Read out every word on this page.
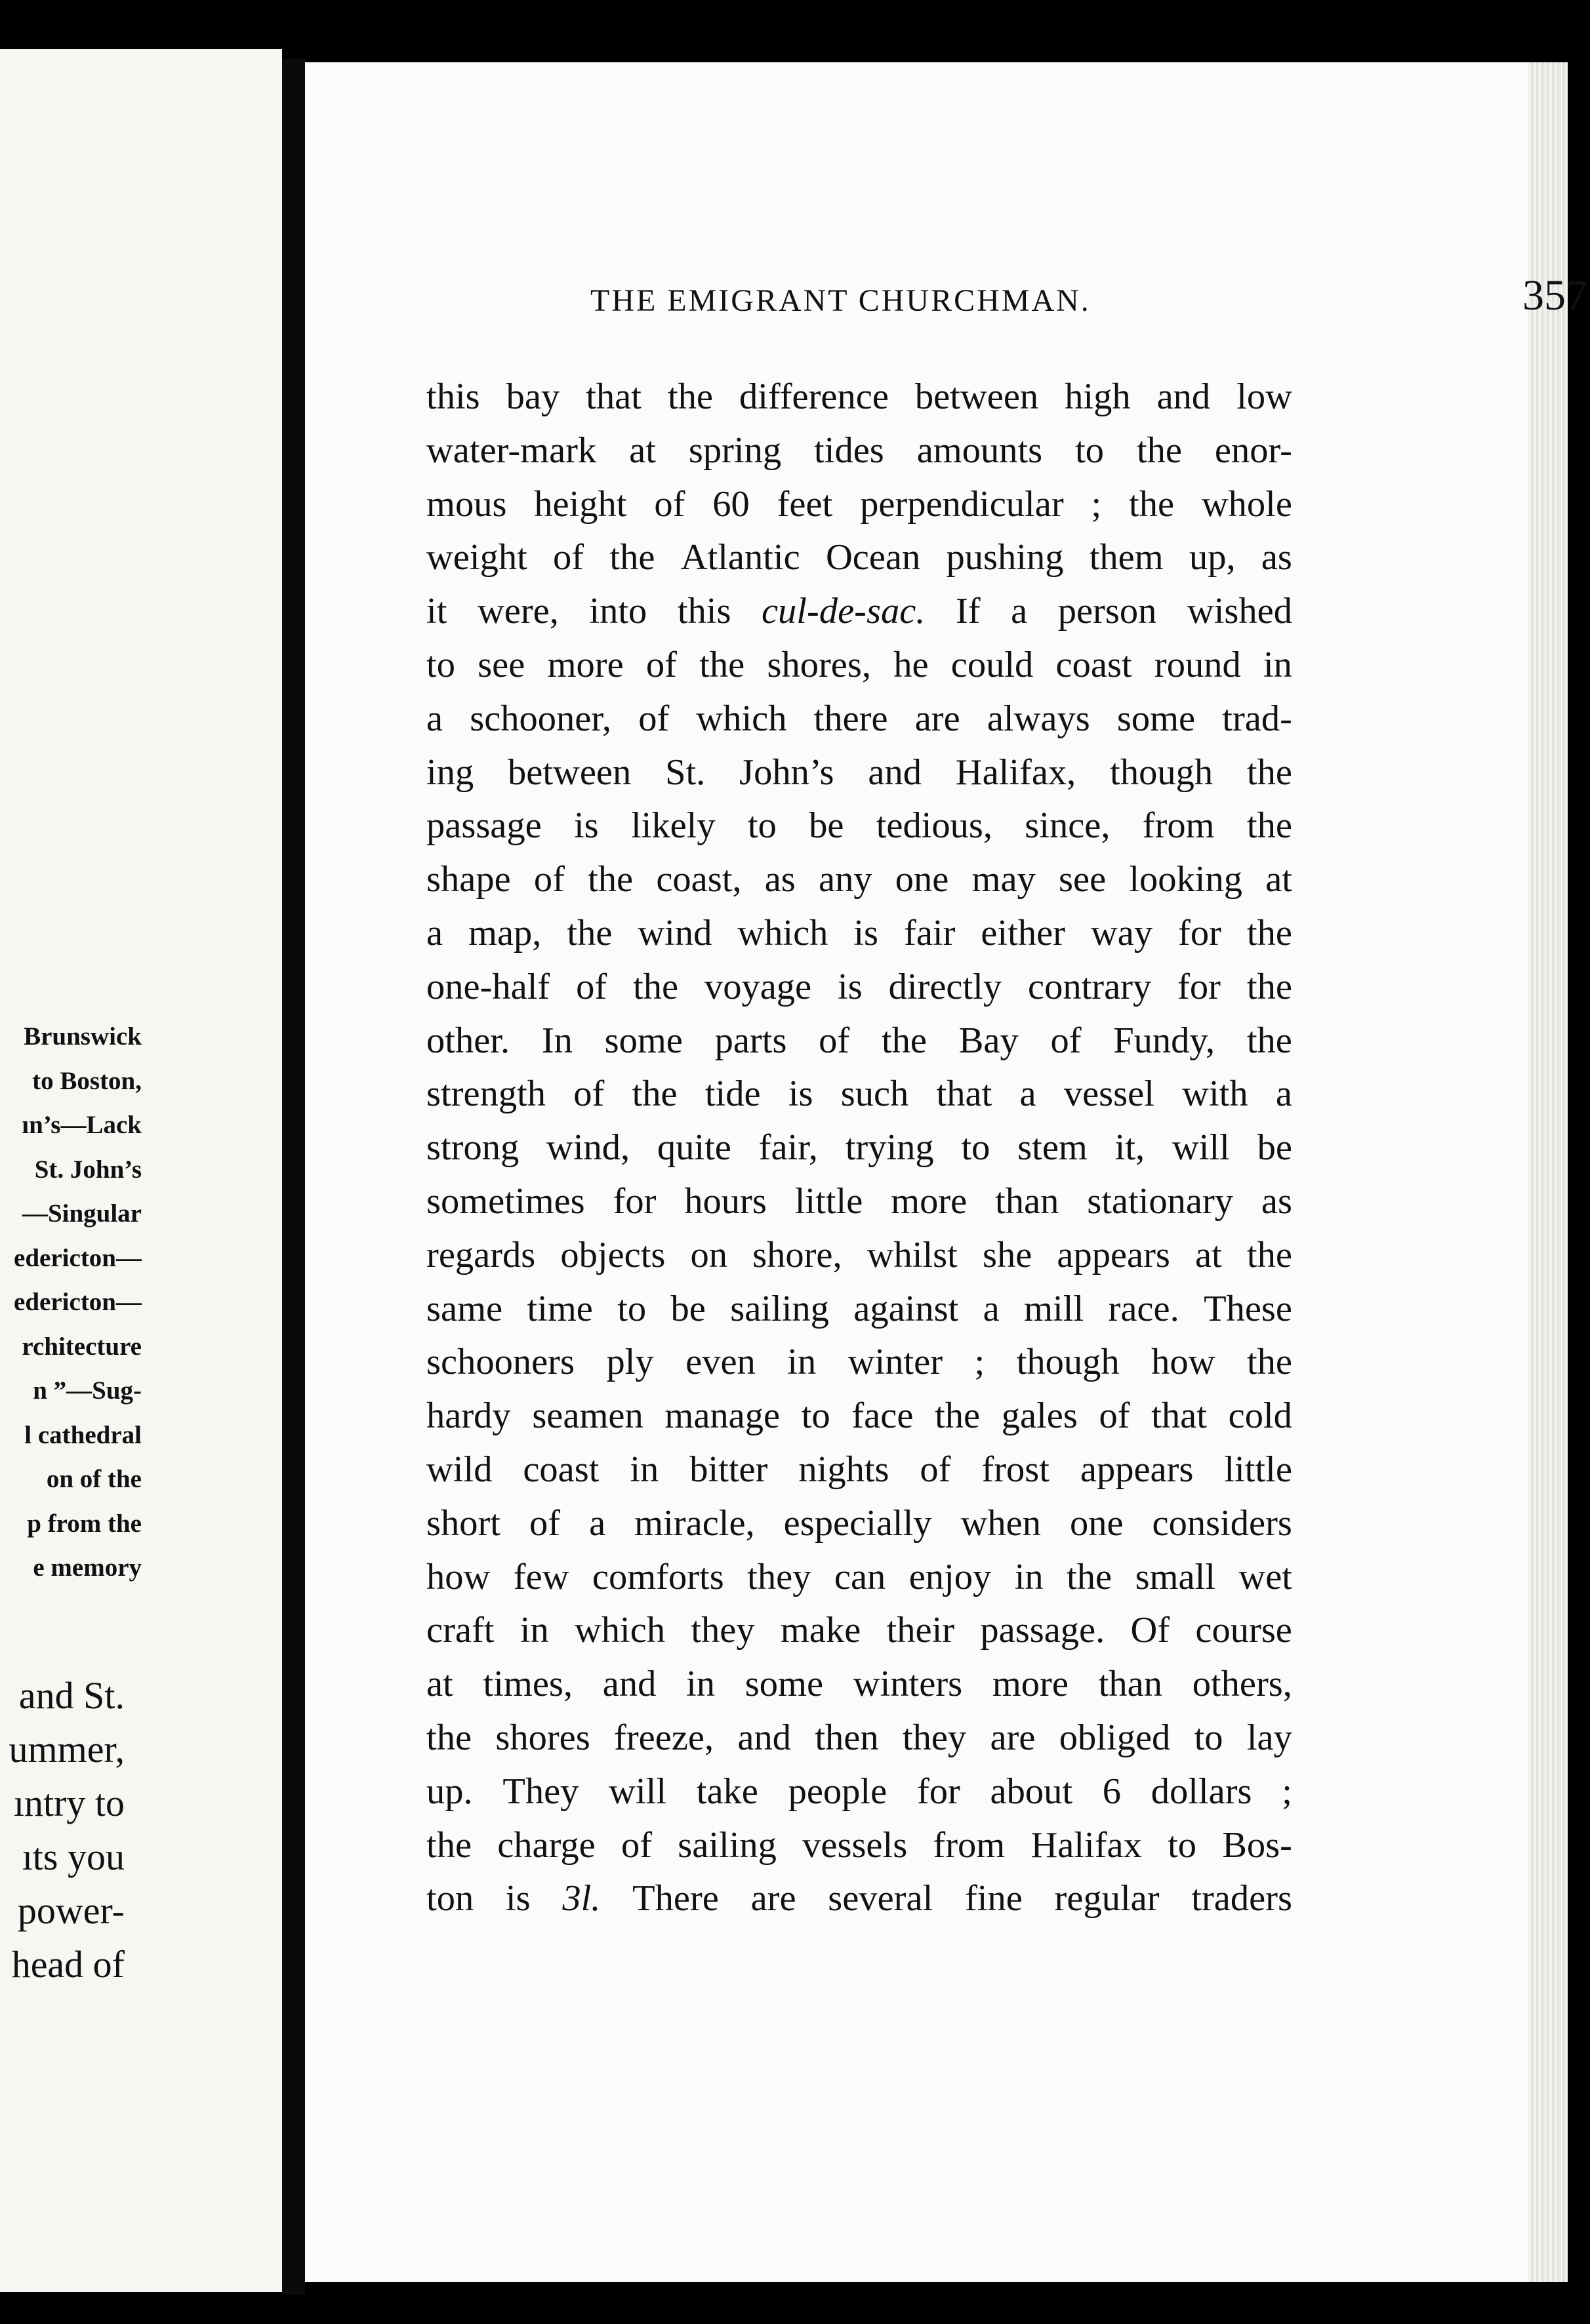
Brunswick
to Boston,
ın’s—Lack
St. John’s
—Singular
edericton—
edericton—
rchitecture
n ”—Sug-
l cathedral
on of the
p from the
e memory
and St.
ummer,
ıntry to
ıts you
power-
head of
THE EMIGRANT CHURCHMAN.	357
this bay that the difference between high and low
water-mark at spring tides amounts to the enor-
mous height of 60 feet perpendicular ; the whole
weight of the Atlantic Ocean pushing them up, as
it were, into this cul-de-sac. If a person wished
to see more of the shores, he could coast round in
a schooner, of which there are always some trad-
ing between St. John’s and Halifax, though the
passage is likely to be tedious, since, from the
shape of the coast, as any one may see looking at
a map, the wind which is fair either way for the
one-half of the voyage is directly contrary for the
other. In some parts of the Bay of Fundy, the
strength of the tide is such that a vessel with a
strong wind, quite fair, trying to stem it, will be
sometimes for hours little more than stationary as
regards objects on shore, whilst she appears at the
same time to be sailing against a mill race. These
schooners ply even in winter ; though how the
hardy seamen manage to face the gales of that cold
wild coast in bitter nights of frost appears little
short of a miracle, especially when one considers
how few comforts they can enjoy in the small wet
craft in which they make their passage. Of course
at times, and in some winters more than others,
the shores freeze, and then they are obliged to lay
up. They will take people for about 6 dollars ;
the charge of sailing vessels from Halifax to Bos-
ton is 3l. There are several fine regular traders
